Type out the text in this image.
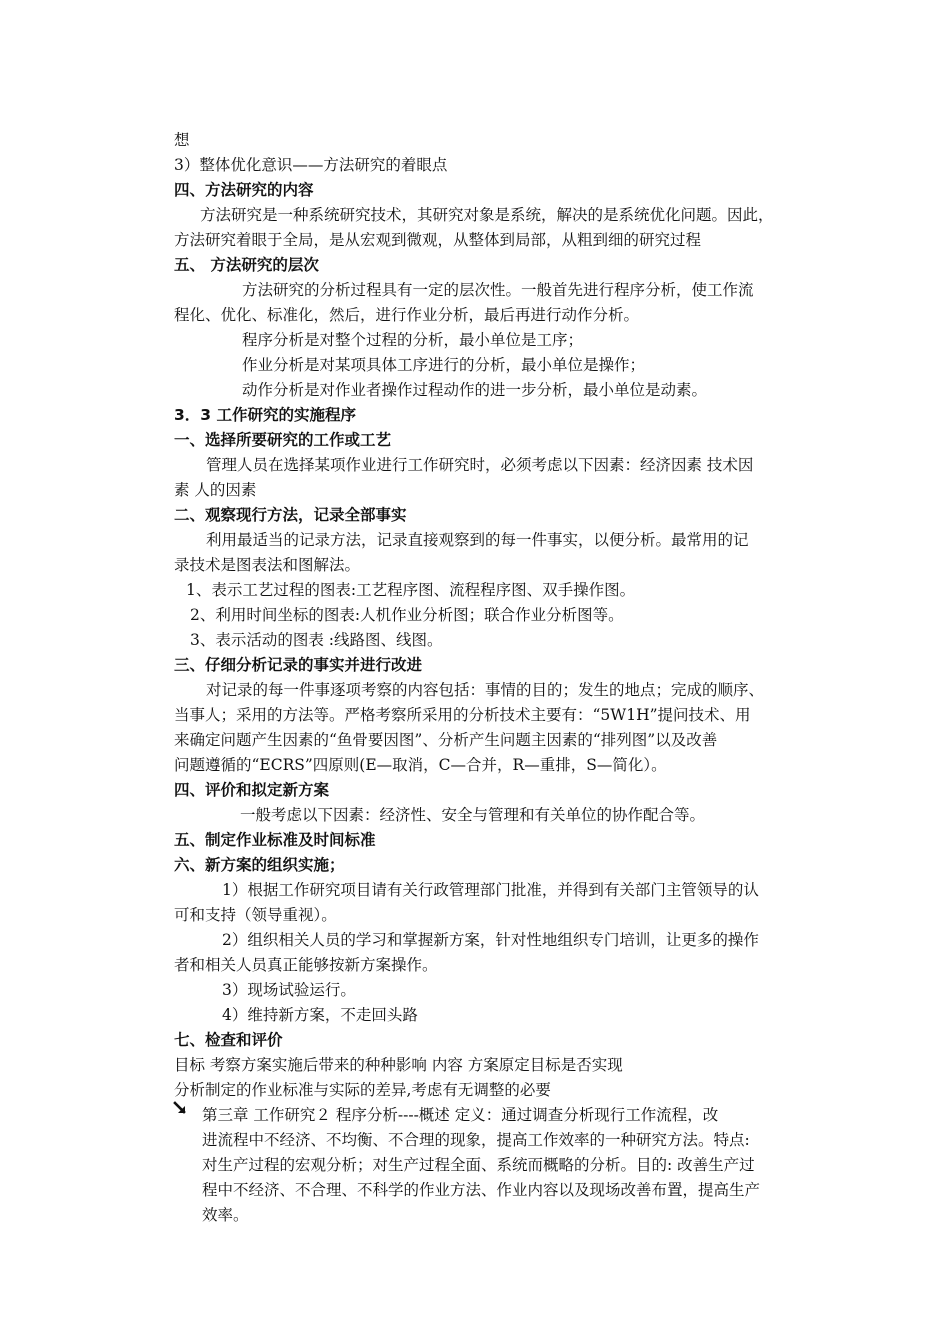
想
3）整体优化意识——方法研究的着眼点
四、方法研究的内容
方法研究是一种系统研究技术，其研究对象是系统，解决的是系统优化问题。因此，
方法研究着眼于全局，是从宏观到微观，从整体到局部，从粗到细的研究过程
五、 方法研究的层次
方法研究的分析过程具有一定的层次性。一般首先进行程序分析，使工作流
程化、优化、标准化，然后，进行作业分析，最后再进行动作分析。
程序分析是对整个过程的分析，最小单位是工序；
作业分析是对某项具体工序进行的分析，最小单位是操作；
动作分析是对作业者操作过程动作的进一步分析，最小单位是动素。
3．3 工作研究的实施程序
一、选择所要研究的工作或工艺
管理人员在选择某项作业进行工作研究时，必须考虑以下因素：经济因素 技术因
素 人的因素
二、观察现行方法，记录全部事实
利用最适当的记录方法，记录直接观察到的每一件事实，以便分析。最常用的记
录技术是图表法和图解法。
1、表示工艺过程的图表:工艺程序图、流程程序图、双手操作图。
2、利用时间坐标的图表:人机作业分析图；联合作业分析图等。
3、表示活动的图表 :线路图、线图。
三、仔细分析记录的事实并进行改进
对记录的每一件事逐项考察的内容包括：事情的目的；发生的地点；完成的顺序、
当事人；采用的方法等。严格考察所采用的分析技术主要有：“5W1H”提问技术、用
来确定问题产生因素的“鱼骨要因图”、分析产生问题主因素的“排列图”以及改善
问题遵循的“ECRS”四原则(E—取消，C—合并，R—重排，S—简化）。
四、评价和拟定新方案
一般考虑以下因素：经济性、安全与管理和有关单位的协作配合等。
五、制定作业标准及时间标准
六、新方案的组织实施；
1）根据工作研究项目请有关行政管理部门批准，并得到有关部门主管领导的认
可和支持（领导重视）。
2）组织相关人员的学习和掌握新方案，针对性地组织专门培训，让更多的操作
者和相关人员真正能够按新方案操作。
3）现场试验运行。
4）维持新方案，不走回头路
七、检查和评价
目标 考察方案实施后带来的种种影响 内容 方案原定目标是否实现
分析制定的作业标准与实际的差异,考虑有无调整的必要
第三章 工作研究２ 程序分析----概述 定义：通过调查分析现行工作流程，改
进流程中不经济、不均衡、不合理的现象，提高工作效率的一种研究方法。特点:
对生产过程的宏观分析；对生产过程全面、系统而概略的分析。目的: 改善生产过
程中不经济、不合理、不科学的作业方法、作业内容以及现场改善布置，提高生产
效率。
